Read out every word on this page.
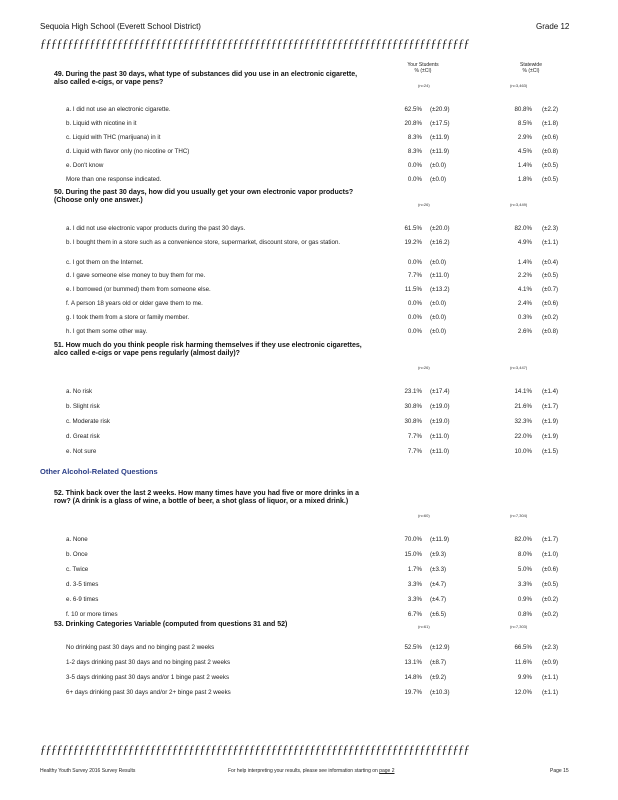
Sequoia High School (Everett School District)	Grade 12
ƒƒƒƒƒƒƒƒƒƒƒƒƒƒƒƒƒƒƒƒƒƒƒƒƒƒƒƒƒƒƒƒƒƒƒƒƒƒƒƒƒƒƒƒƒƒƒƒƒƒƒƒƒƒƒƒƒƒƒƒƒƒƒƒƒƒƒƒƒƒƒƒƒƒƒƒƒƒ
Your Students
% (±CI)
Statewide
% (±CI)
49. During the past 30 days, what type of substances did you use in an electronic cigarette, also called e-cigs, or vape pens?	(n=24)	(n=3,463)
a. I did not use an electronic cigarette.	62.5% (±20.9)	80.8% (±2.2)
b. Liquid with nicotine in it	20.8% (±17.5)	8.5% (±1.8)
c. Liquid with THC (marijuana) in it	8.3% (±11.9)	2.9% (±0.6)
d. Liquid with flavor only (no nicotine or THC)	8.3% (±11.9)	4.5% (±0.8)
e. Don't know	0.0% (±0.0)	1.4% (±0.5)
More than one response indicated.	0.0% (±0.0)	1.8% (±0.5)
50. During the past 30 days, how did you usually get your own electronic vapor products? (Choose only one answer.)
(n=26)	(n=3,449)
a. I did not use electronic vapor products during the past 30 days.	61.5% (±20.0)	82.0% (±2.3)
b. I bought them in a store such as a convenience store, supermarket, discount store, or gas station.	19.2% (±16.2)	4.9% (±1.1)
c. I got them on the Internet.	0.0% (±0.0)	1.4% (±0.4)
d. I gave someone else money to buy them for me.	7.7% (±11.0)	2.2% (±0.5)
e. I borrowed (or bummed) them from someone else.	11.5% (±13.2)	4.1% (±0.7)
f. A person 18 years old or older gave them to me.	0.0% (±0.0)	2.4% (±0.6)
g. I took them from a store or family member.	0.0% (±0.0)	0.3% (±0.2)
h. I got them some other way.	0.0% (±0.0)	2.6% (±0.8)
51. How much do you think people risk harming themselves if they use electronic cigarettes, alco called e-cigs or vape pens regularly (almost daily)?
(n=26)	(n=3,447)
a. No risk	23.1% (±17.4)	14.1% (±1.4)
b. Slight risk	30.8% (±19.0)	21.6% (±1.7)
c. Moderate risk	30.8% (±19.0)	32.3% (±1.9)
d. Great risk	7.7% (±11.0)	22.0% (±1.9)
e. Not sure	7.7% (±11.0)	10.0% (±1.5)
Other Alcohol-Related Questions
52. Think back over the last 2 weeks. How many times have you had five or more drinks in a row? (A drink is a glass of wine, a bottle of beer, a shot glass of liquor, or a mixed drink.)
(n=60)	(n=7,304)
a. None	70.0% (±11.9)	82.0% (±1.7)
b. Once	15.0% (±9.3)	8.0% (±1.0)
c. Twice	1.7% (±3.3)	5.0% (±0.6)
d. 3-5 times	3.3% (±4.7)	3.3% (±0.5)
e. 6-9 times	3.3% (±4.7)	0.9% (±0.2)
f. 10 or more times	6.7% (±6.5)	0.8% (±0.2)
53. Drinking Categories Variable (computed from questions 31 and 52)	(n=61)	(n=7,303)
No drinking past 30 days and no binging past 2 weeks	52.5% (±12.9)	66.5% (±2.3)
1-2 days drinking past 30 days and no binging past 2 weeks	13.1% (±8.7)	11.6% (±0.9)
3-5 days drinking past 30 days and/or 1 binge past 2 weeks	14.8% (±9.2)	9.9% (±1.1)
6+ days drinking past 30 days and/or 2+ binge past 2 weeks	19.7% (±10.3)	12.0% (±1.1)
ƒƒƒƒƒƒƒƒƒƒƒƒƒƒƒƒƒƒƒƒƒƒƒƒƒƒƒƒƒƒƒƒƒƒƒƒƒƒƒƒƒƒƒƒƒƒƒƒƒƒƒƒƒƒƒƒƒƒƒƒƒƒƒƒƒƒƒƒƒƒƒƒƒƒƒƒƒƒ
Healthy Youth Survey 2016 Survey Results	For help interpreting your results, please see information starting on page 2	Page 15
